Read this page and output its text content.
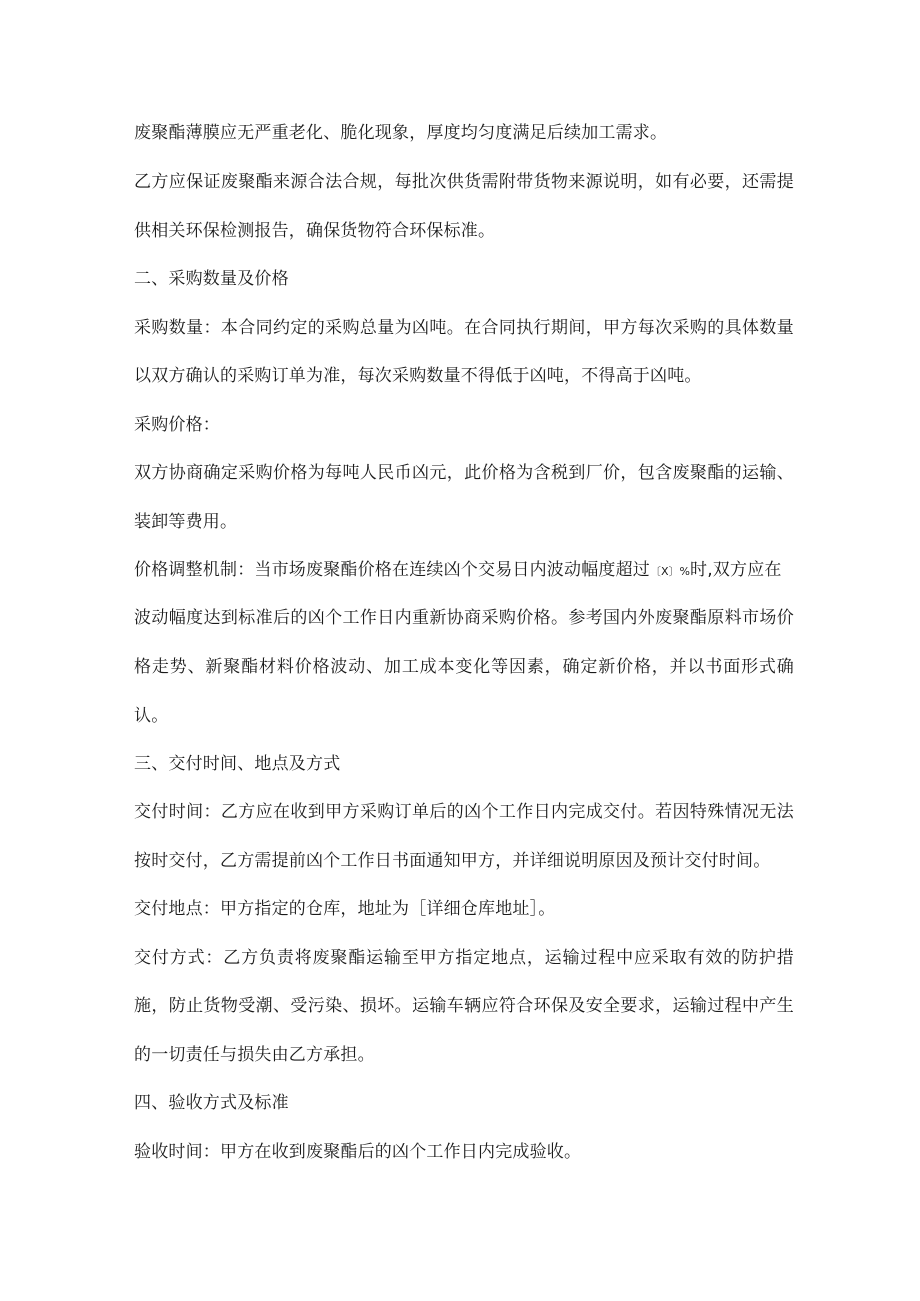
废聚酯薄膜应无严重老化、脆化现象，厚度均匀度满足后续加工需求。
乙方应保证废聚酯来源合法合规，每批次供货需附带货物来源说明，如有必要，还需提
供相关环保检测报告，确保货物符合环保标准。
二、采购数量及价格
采购数量：本合同约定的采购总量为凶吨。在合同执行期间，甲方每次采购的具体数量
以双方确认的采购订单为准，每次采购数量不得低于凶吨，不得高于凶吨。
采购价格：
双方协商确定采购价格为每吨人民币凶元，此价格为含税到厂价，包含废聚酯的运输、
装卸等费用。
价格调整机制：当市场废聚酯价格在连续凶个交易日内波动幅度超过〔X〕%时,双方应在
波动幅度达到标准后的凶个工作日内重新协商采购价格。参考国内外废聚酯原料市场价
格走势、新聚酯材料价格波动、加工成本变化等因素，确定新价格，并以书面形式确
认。
三、交付时间、地点及方式
交付时间：乙方应在收到甲方采购订单后的凶个工作日内完成交付。若因特殊情况无法
按时交付，乙方需提前凶个工作日书面通知甲方，并详细说明原因及预计交付时间。
交付地点：甲方指定的仓库，地址为［详细仓库地址］。
交付方式：乙方负责将废聚酯运输至甲方指定地点，运输过程中应采取有效的防护措
施，防止货物受潮、受污染、损坏。运输车辆应符合环保及安全要求，运输过程中产生
的一切责任与损失由乙方承担。
四、验收方式及标准
验收时间：甲方在收到废聚酯后的凶个工作日内完成验收。
